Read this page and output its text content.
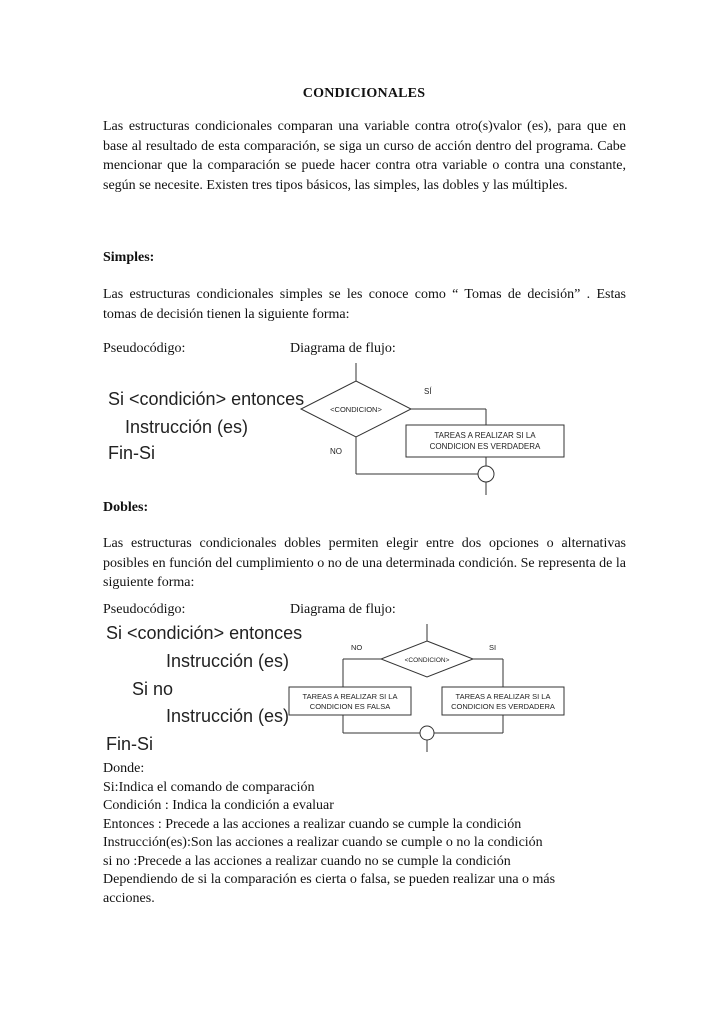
CONDICIONALES

Las estructuras condicionales comparan una variable contra otro(s)valor (es), para que en base al resultado de esta comparación, se siga un curso de acción dentro del programa. Cabe mencionar que la comparación se puede hacer contra otra variable o contra una constante, según se necesite. Existen tres tipos básicos, las simples, las dobles y las múltiples.

Simples:

Las estructuras condicionales simples se les conoce como “ Tomas de decisión” . Estas tomas de decisión tienen la siguiente forma:

Pseudocódigo:	Diagrama de flujo:
Si <condición> entonces
Instrucción (es)
Fin-Si
<CONDICION>
SÍ
NO
TAREAS A REALIZAR SI LA
CONDICION ES VERDADERA
Dobles:

Las estructuras condicionales dobles permiten elegir entre dos opciones o alternativas posibles en función del cumplimiento o no de una determinada condición. Se representa de la siguiente forma:

Pseudocódigo:	Diagrama de flujo:
Si <condición> entonces
Instrucción (es)
Si no
Instrucción (es)
Fin-Si
<CONDICION>
NO	SI
TAREAS A REALIZAR SI LA
CONDICION ES FALSA
TAREAS A REALIZAR SI LA
CONDICION ES VERDADERA
Donde:
Si:Indica el comando de comparación
Condición : Indica la condición a evaluar
Entonces : Precede a las acciones a realizar cuando se cumple la condición
Instrucción(es):Son las acciones a realizar cuando se cumple o no la condición
si no :Precede a las acciones a realizar cuando no se cumple la condición
Dependiendo de si la comparación es cierta o falsa, se pueden realizar una o más
acciones.
